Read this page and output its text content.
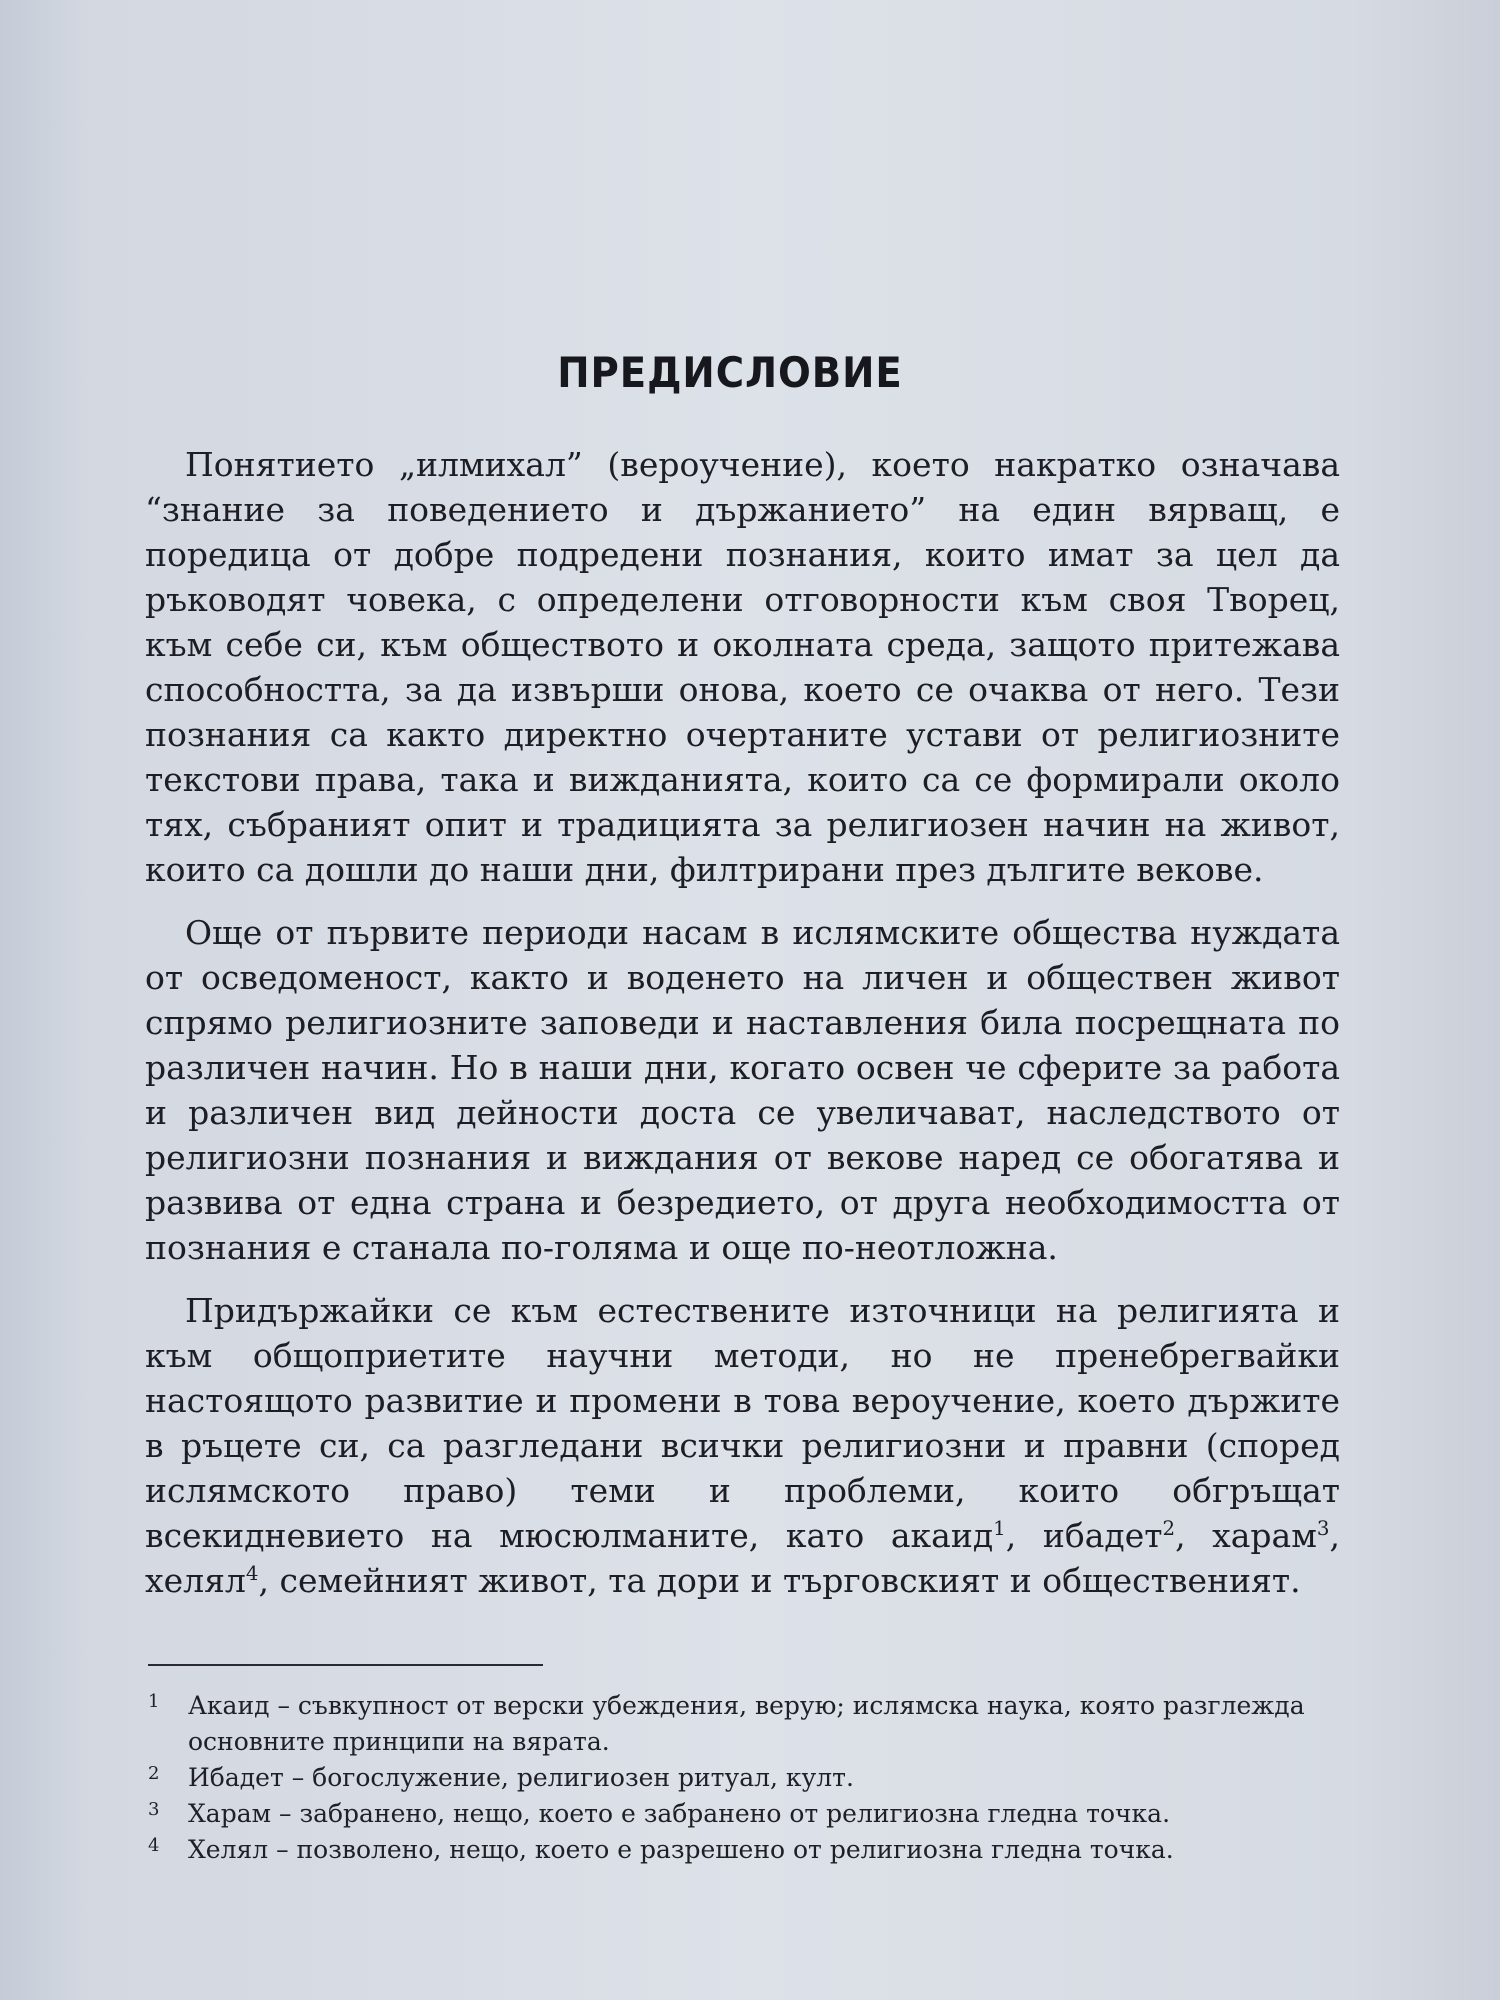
ПРЕДИСЛОВИЕ

Понятието „илмихал” (вероучение), което накратко означава “знание за поведението и държанието” на един вярващ, е поредица от добре подредени познания, които имат за цел да ръководят човека, с определени отговорности към своя Творец, към себе си, към обществото и околната среда, защото притежава способността, за да извърши онова, което се очаква от него. Тези познания са както директно очертаните устави от религиозните текстови права, така и вижданията, които са се формирали около тях, събраният опит и традицията за религиозен начин на живот, които са дошли до наши дни, филтрирани през дългите векове.

Още от първите периоди насам в ислямските общества нуждата от осведоменост, както и воденето на личен и обществен живот спрямо религиозните заповеди и наставления била посрещната по различен начин. Но в наши дни, когато освен че сферите за работа и различен вид дейности доста се увеличават, наследството от религиозни познания и виждания от векове наред се обогатява и развива от една страна и безредието, от друга необходимостта от познания е станала по-голяма и още по-неотложна.

Придържайки се към естествените източници на религията и към общоприетите научни методи, но не пренебрегвайки настоящото развитие и промени в това вероучение, което държите в ръцете си, са разгледани всички религиозни и правни (според ислямското право) теми и проблеми, които обгръщат всекидневието на мюсюлманите, като акаид$^1$, ибадет$^2$, харам$^3$, хелял$^4$, семейният живот, та дори и търговският и общественият.

1	Акаид – съвкупност от верски убеждения, верую; ислямска наука, която разглежда основните принципи на вярата.
2	Ибадет – богослужение, религиозен ритуал, култ.
3	Харам – забранено, нещо, което е забранено от религиозна гледна точка.
4	Хелял – позволено, нещо, което е разрешено от религиозна гледна точка.
